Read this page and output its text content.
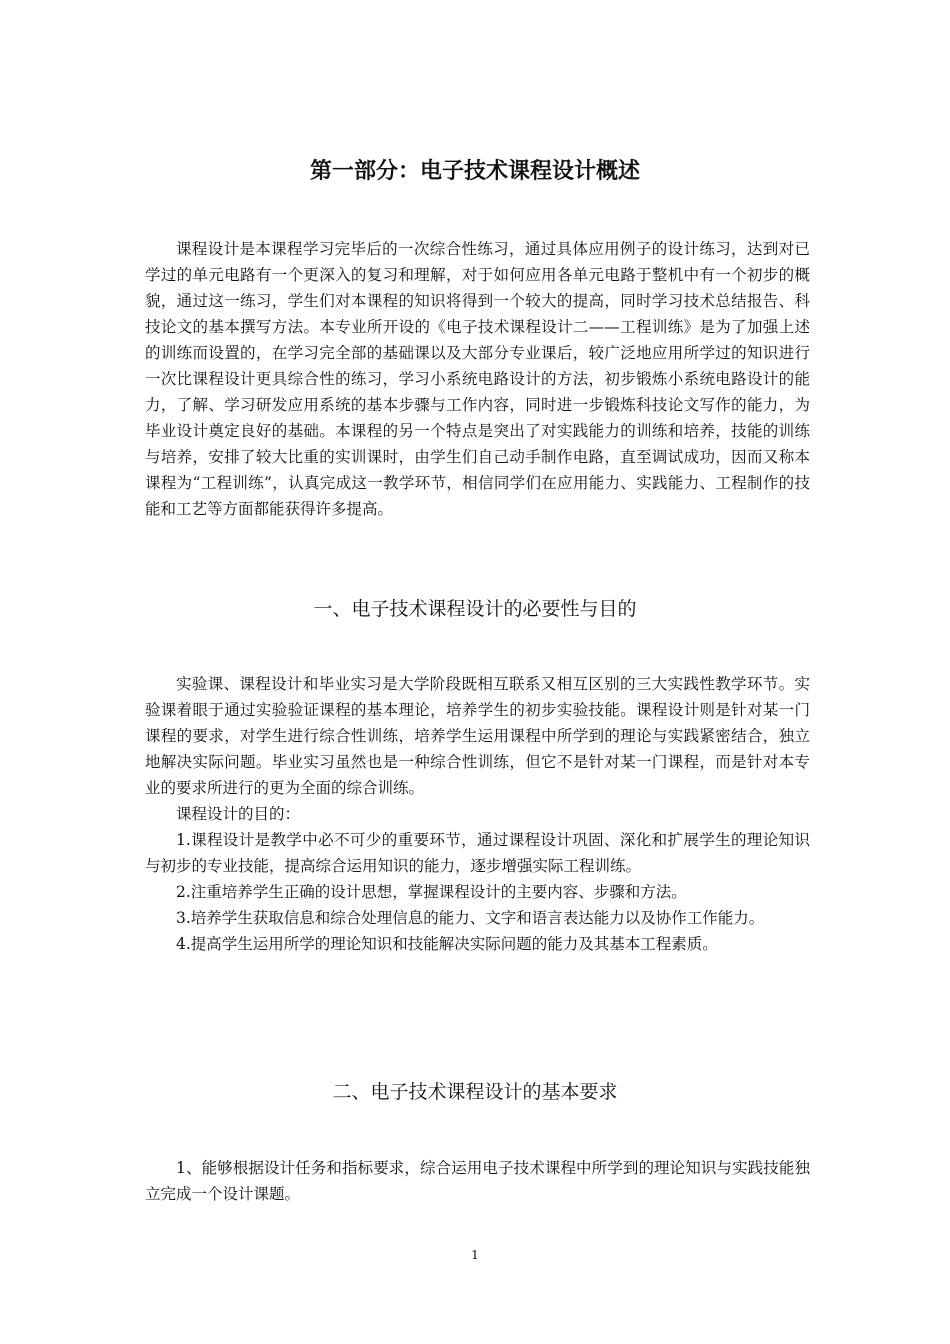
第一部分：电子技术课程设计概述

课程设计是本课程学习完毕后的一次综合性练习，通过具体应用例子的设计练习，达到对已学过的单元电路有一个更深入的复习和理解，对于如何应用各单元电路于整机中有一个初步的概貌，通过这一练习，学生们对本课程的知识将得到一个较大的提高，同时学习技术总结报告、科技论文的基本撰写方法。本专业所开设的《电子技术课程设计二——工程训练》是为了加强上述的训练而设置的，在学习完全部的基础课以及大部分专业课后，较广泛地应用所学过的知识进行一次比课程设计更具综合性的练习，学习小系统电路设计的方法，初步锻炼小系统电路设计的能力，了解、学习研发应用系统的基本步骤与工作内容，同时进一步锻炼科技论文写作的能力，为毕业设计奠定良好的基础。本课程的另一个特点是突出了对实践能力的训练和培养，技能的训练与培养，安排了较大比重的实训课时，由学生们自己动手制作电路，直至调试成功，因而又称本课程为“工程训练”，认真完成这一教学环节，相信同学们在应用能力、实践能力、工程制作的技能和工艺等方面都能获得许多提高。

一、电子技术课程设计的必要性与目的

实验课、课程设计和毕业实习是大学阶段既相互联系又相互区别的三大实践性教学环节。实验课着眼于通过实验验证课程的基本理论，培养学生的初步实验技能。课程设计则是针对某一门课程的要求，对学生进行综合性训练，培养学生运用课程中所学到的理论与实践紧密结合，独立地解决实际问题。毕业实习虽然也是一种综合性训练，但它不是针对某一门课程，而是针对本专业的要求所进行的更为全面的综合训练。

课程设计的目的：

1.课程设计是教学中必不可少的重要环节，通过课程设计巩固、深化和扩展学生的理论知识与初步的专业技能，提高综合运用知识的能力，逐步增强实际工程训练。

2.注重培养学生正确的设计思想，掌握课程设计的主要内容、步骤和方法。

3.培养学生获取信息和综合处理信息的能力、文字和语言表达能力以及协作工作能力。

4.提高学生运用所学的理论知识和技能解决实际问题的能力及其基本工程素质。

二、电子技术课程设计的基本要求

1、能够根据设计任务和指标要求，综合运用电子技术课程中所学到的理论知识与实践技能独立完成一个设计课题。

1
